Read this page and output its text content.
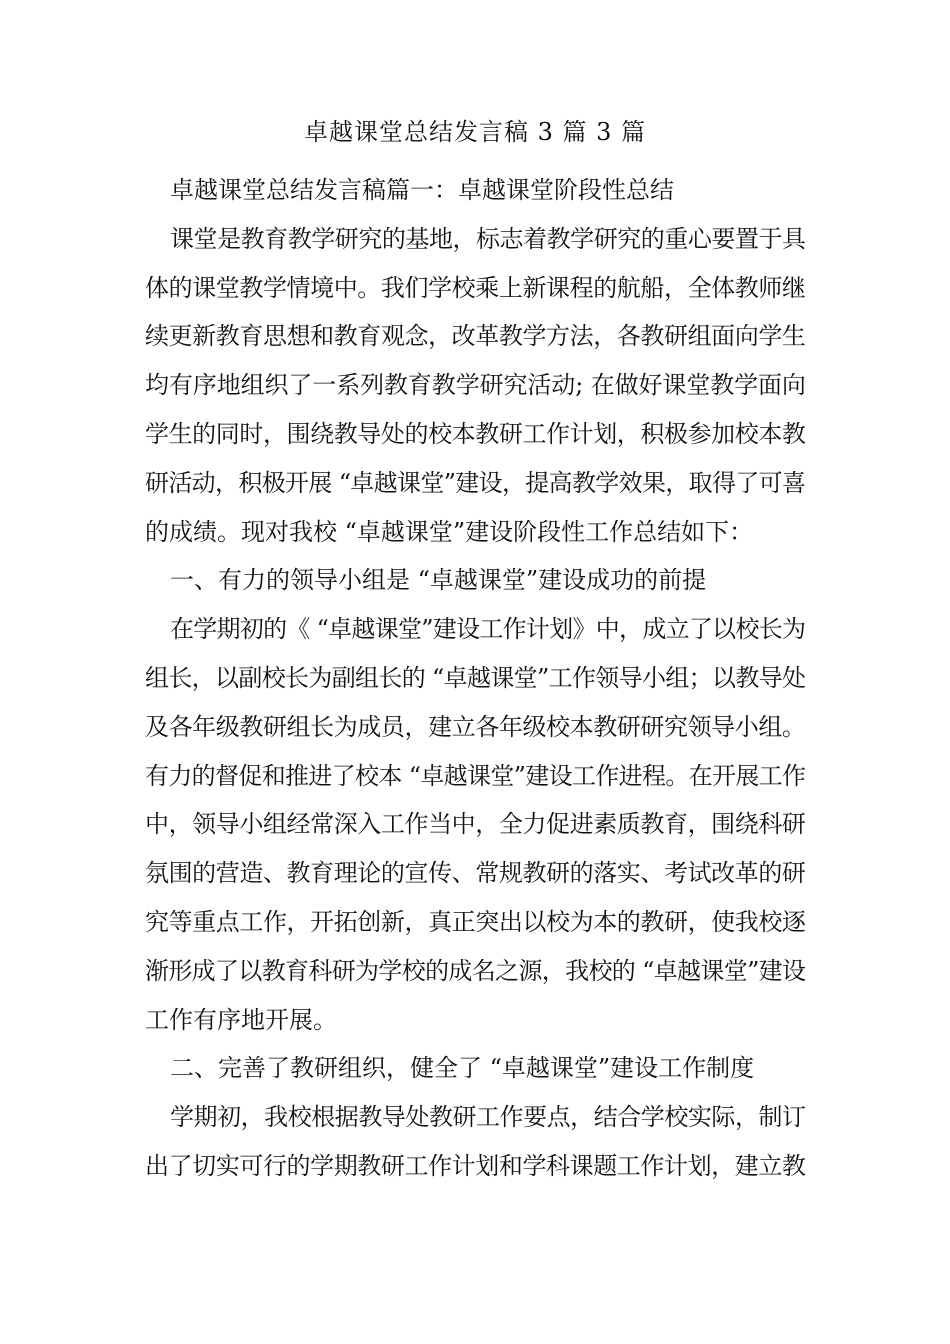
卓越课堂总结发言稿 3 篇 3 篇
卓越课堂总结发言稿篇一：卓越课堂阶段性总结
课堂是教育教学研究的基地，标志着教学研究的重心要置于具
体的课堂教学情境中。我们学校乘上新课程的航船，全体教师继
续更新教育思想和教育观念，改革教学方法，各教研组面向学生
均有序地组织了一系列教育教学研究活动; 在做好课堂教学面向
学生的同时，围绕教导处的校本教研工作计划，积极参加校本教
研活动，积极开展 “卓越课堂”建设，提高教学效果，取得了可喜
的成绩。现对我校 “卓越课堂”建设阶段性工作总结如下：
一、有力的领导小组是 “卓越课堂”建设成功的前提
在学期初的《 “卓越课堂”建设工作计划》中，成立了以校长为
组长，以副校长为副组长的 “卓越课堂”工作领导小组；以教导处
及各年级教研组长为成员，建立各年级校本教研研究领导小组。
有力的督促和推进了校本 “卓越课堂”建设工作进程。在开展工作
中，领导小组经常深入工作当中，全力促进素质教育，围绕科研
氛围的营造、教育理论的宣传、常规教研的落实、考试改革的研
究等重点工作，开拓创新，真正突出以校为本的教研，使我校逐
渐形成了以教育科研为学校的成名之源，我校的 “卓越课堂”建设
工作有序地开展。
二、完善了教研组织，健全了 “卓越课堂”建设工作制度
学期初，我校根据教导处教研工作要点，结合学校实际，制订
出了切实可行的学期教研工作计划和学科课题工作计划，建立教
